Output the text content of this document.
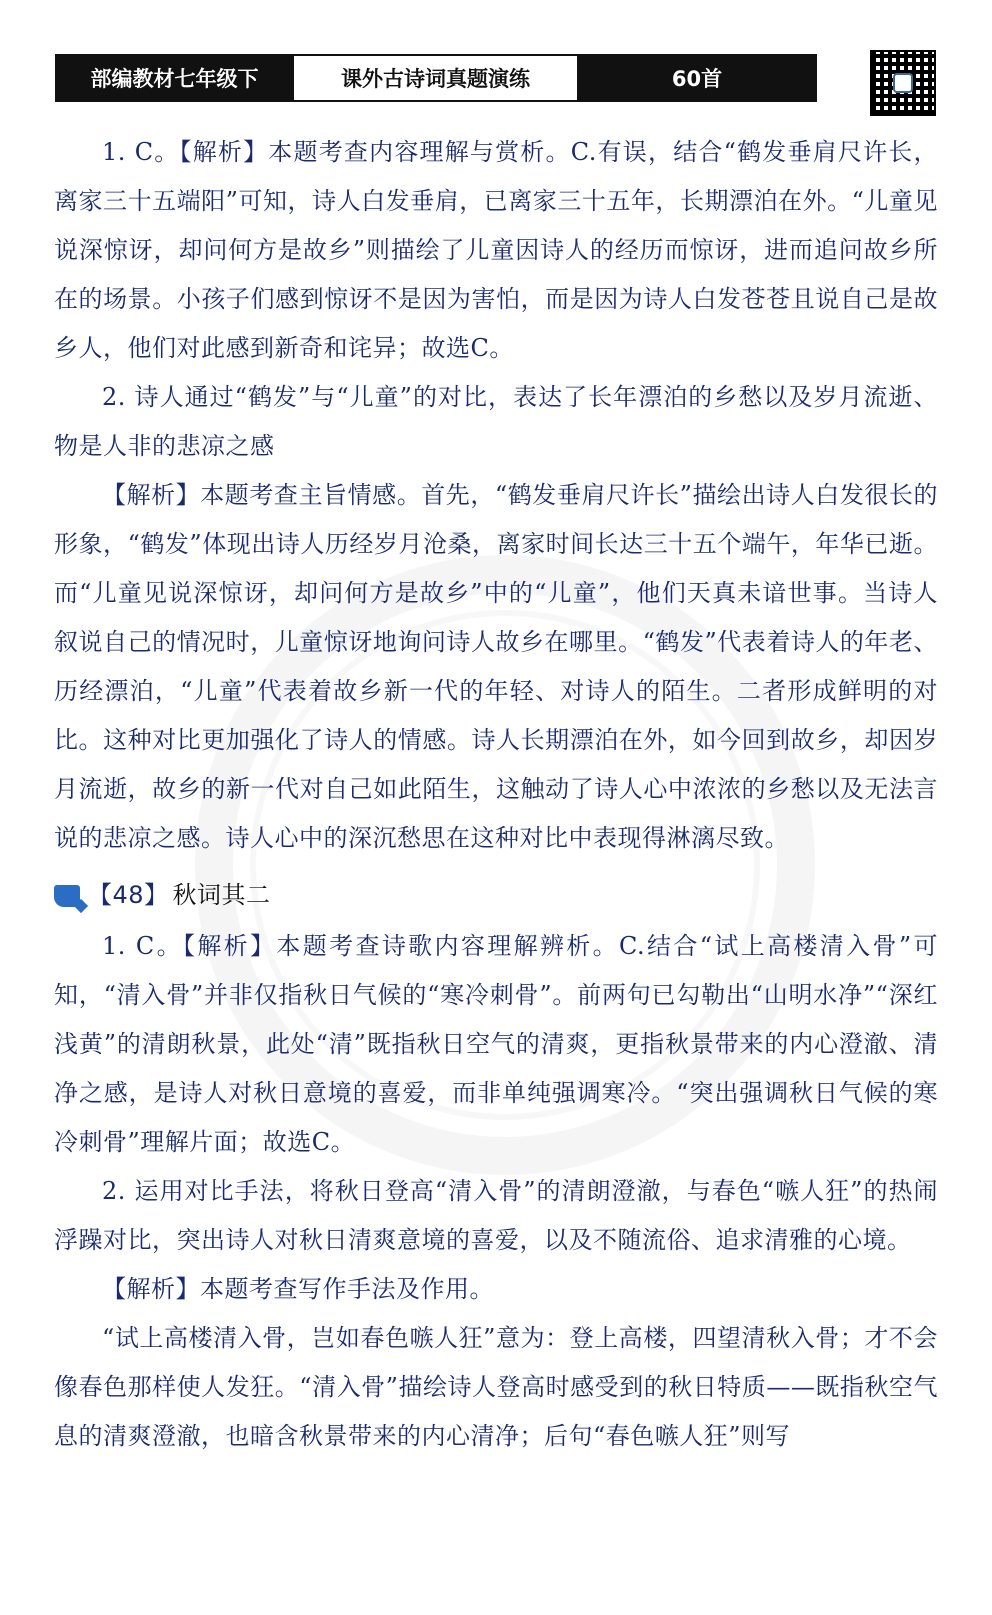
部编教材七年级下	课外古诗词真题演练	60首

1. C。【解析】本题考查内容理解与赏析。C.有误，结合“鹤发垂肩尺许长，离家三十五端阳”可知，诗人白发垂肩，已离家三十五年，长期漂泊在外。“儿童见说深惊讶，却问何方是故乡”则描绘了儿童因诗人的经历而惊讶，进而追问故乡所在的场景。小孩子们感到惊讶不是因为害怕，而是因为诗人白发苍苍且说自己是故乡人，他们对此感到新奇和诧异；故选C。

2. 诗人通过“鹤发”与“儿童”的对比，表达了长年漂泊的乡愁以及岁月流逝、物是人非的悲凉之感

【解析】本题考查主旨情感。首先，“鹤发垂肩尺许长”描绘出诗人白发很长的形象，“鹤发”体现出诗人历经岁月沧桑，离家时间长达三十五个端午，年华已逝。而“儿童见说深惊讶，却问何方是故乡”中的“儿童”，他们天真未谙世事。当诗人叙说自己的情况时，儿童惊讶地询问诗人故乡在哪里。“鹤发”代表着诗人的年老、历经漂泊，“儿童”代表着故乡新一代的年轻、对诗人的陌生。二者形成鲜明的对比。这种对比更加强化了诗人的情感。诗人长期漂泊在外，如今回到故乡，却因岁月流逝，故乡的新一代对自己如此陌生，这触动了诗人心中浓浓的乡愁以及无法言说的悲凉之感。诗人心中的深沉愁思在这种对比中表现得淋漓尽致。

【48】 秋词其二

1. C。【解析】本题考查诗歌内容理解辨析。C.结合“试上高楼清入骨”可知，“清入骨”并非仅指秋日气候的“寒冷刺骨”。前两句已勾勒出“山明水净”“深红浅黄”的清朗秋景，此处“清”既指秋日空气的清爽，更指秋景带来的内心澄澈、清净之感，是诗人对秋日意境的喜爱，而非单纯强调寒冷。“突出强调秋日气候的寒冷刺骨”理解片面；故选C。

2. 运用对比手法，将秋日登高“清入骨”的清朗澄澈，与春色“嗾人狂”的热闹浮躁对比，突出诗人对秋日清爽意境的喜爱，以及不随流俗、追求清雅的心境。

【解析】本题考查写作手法及作用。

“试上高楼清入骨，岂如春色嗾人狂”意为：登上高楼，四望清秋入骨；才不会像春色那样使人发狂。“清入骨”描绘诗人登高时感受到的秋日特质——既指秋空气息的清爽澄澈，也暗含秋景带来的内心清净；后句“春色嗾人狂”则写
